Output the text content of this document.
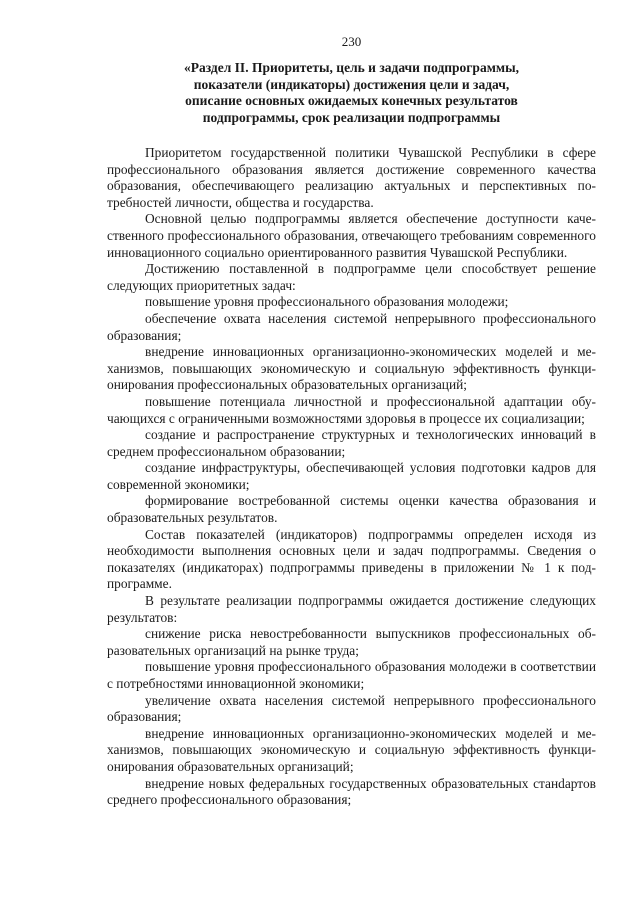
230
«Раздел II. Приоритеты, цель и задачи подпрограммы,
показатели (индикаторы) достижения цели и задач,
описание основных ожидаемых конечных результатов
подпрограммы, срок реализации подпрограммы

Приоритетом государственной политики Чувашской Республики в сфере профессионального образования является достижение современного качества образования, обеспечивающего реализацию актуальных и перспективных потребностей личности, общества и государства.

Основной целью подпрограммы является обеспечение доступности качественного профессионального образования, отвечающего требованиям современного инновационного социально ориентированного развития Чувашской Республики.

Достижению поставленной в подпрограмме цели способствует решение следующих приоритетных задач:

повышение уровня профессионального образования молодежи;

обеспечение охвата населения системой непрерывного профессионального образования;

внедрение инновационных организационно-экономических моделей и механизмов, повышающих экономическую и социальную эффективность функционирования профессиональных образовательных организаций;

повышение потенциала личностной и профессиональной адаптации обучающихся с ограниченными возможностями здоровья в процессе их социализации;

создание и распространение структурных и технологических инноваций в среднем профессиональном образовании;

создание инфраструктуры, обеспечивающей условия подготовки кадров для современной экономики;

формирование востребованной системы оценки качества образования и образовательных результатов.

Состав показателей (индикаторов) подпрограммы определен исходя из необходимости выполнения основных цели и задач подпрограммы. Сведения о показателях (индикаторах) подпрограммы приведены в приложении № 1 к подпрограмме.

В результате реализации подпрограммы ожидается достижение следующих результатов:

снижение риска невостребованности выпускников профессиональных образовательных организаций на рынке труда;

повышение уровня профессионального образования молодежи в соответствии с потребностями инновационной экономики;

увеличение охвата населения системой непрерывного профессионального образования;

внедрение инновационных организационно-экономических моделей и механизмов, повышающих экономическую и социальную эффективность функционирования образовательных организаций;

внедрение новых федеральных государственных образовательных станdартов среднего профессионального образования;
